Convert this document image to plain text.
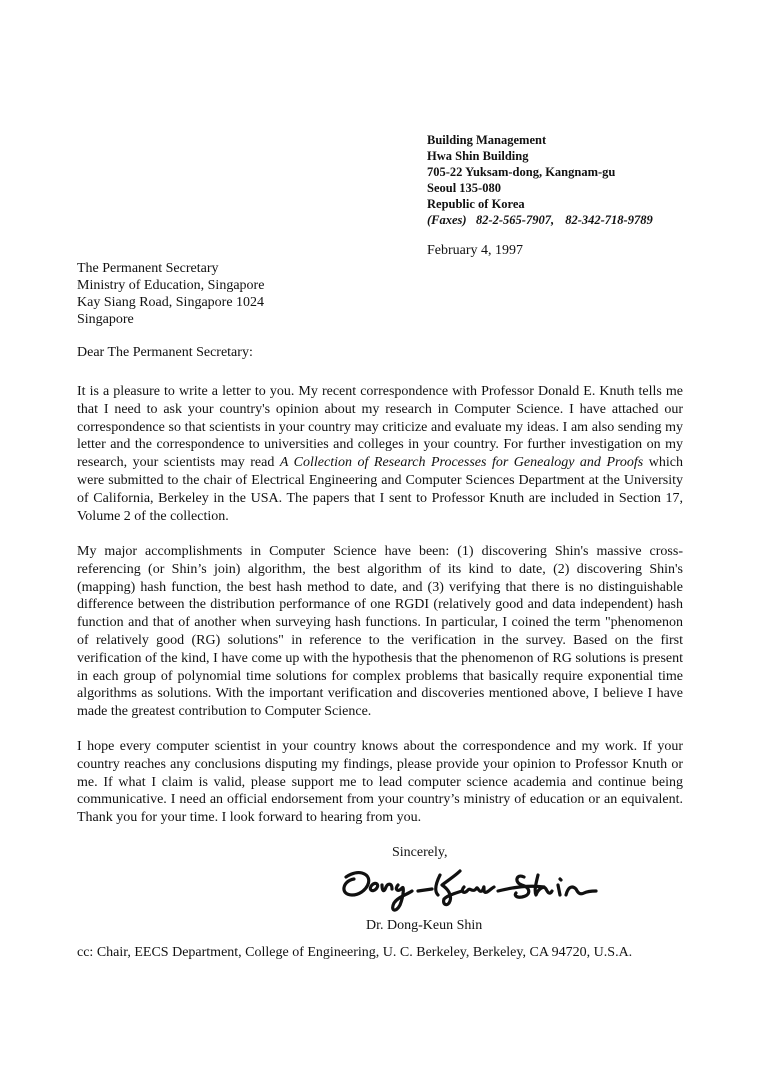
Building Management
Hwa Shin Building
705-22 Yuksam-dong, Kangnam-gu
Seoul 135-080
Republic of Korea
(Faxes) 82-2-565-7907, 82-342-718-9789
February 4, 1997
The Permanent Secretary
Ministry of Education, Singapore
Kay Siang Road, Singapore 1024
Singapore
Dear The Permanent Secretary:

It is a pleasure to write a letter to you. My recent correspondence with Professor Donald E. Knuth tells me that I need to ask your country's opinion about my research in Computer Science. I have attached our correspondence so that scientists in your country may criticize and evaluate my ideas. I am also sending my letter and the correspondence to universities and colleges in your country. For further investigation on my research, your scientists may read A Collection of Research Processes for Genealogy and Proofs which were submitted to the chair of Electrical Engineering and Computer Sciences Department at the University of California, Berkeley in the USA. The papers that I sent to Professor Knuth are included in Section 17, Volume 2 of the collection.

My major accomplishments in Computer Science have been: (1) discovering Shin's massive cross-referencing (or Shin’s join) algorithm, the best algorithm of its kind to date, (2) discovering Shin's (mapping) hash function, the best hash method to date, and (3) verifying that there is no distinguishable difference between the distribution performance of one RGDI (relatively good and data independent) hash function and that of another when surveying hash functions. In particular, I coined the term "phenomenon of relatively good (RG) solutions" in reference to the verification in the survey. Based on the first verification of the kind, I have come up with the hypothesis that the phenomenon of RG solutions is present in each group of polynomial time solutions for complex problems that basically require exponential time algorithms as solutions. With the important verification and discoveries mentioned above, I believe I have made the greatest contribution to Computer Science.

I hope every computer scientist in your country knows about the correspondence and my work. If your country reaches any conclusions disputing my findings, please provide your opinion to Professor Knuth or me. If what I claim is valid, please support me to lead computer science academia and continue being communicative. I need an official endorsement from your country’s ministry of education or an equivalent. Thank you for your time. I look forward to hearing from you.

Sincerely,
Dr. Dong-Keun Shin
cc: Chair, EECS Department, College of Engineering, U. C. Berkeley, Berkeley, CA 94720, U.S.A.
